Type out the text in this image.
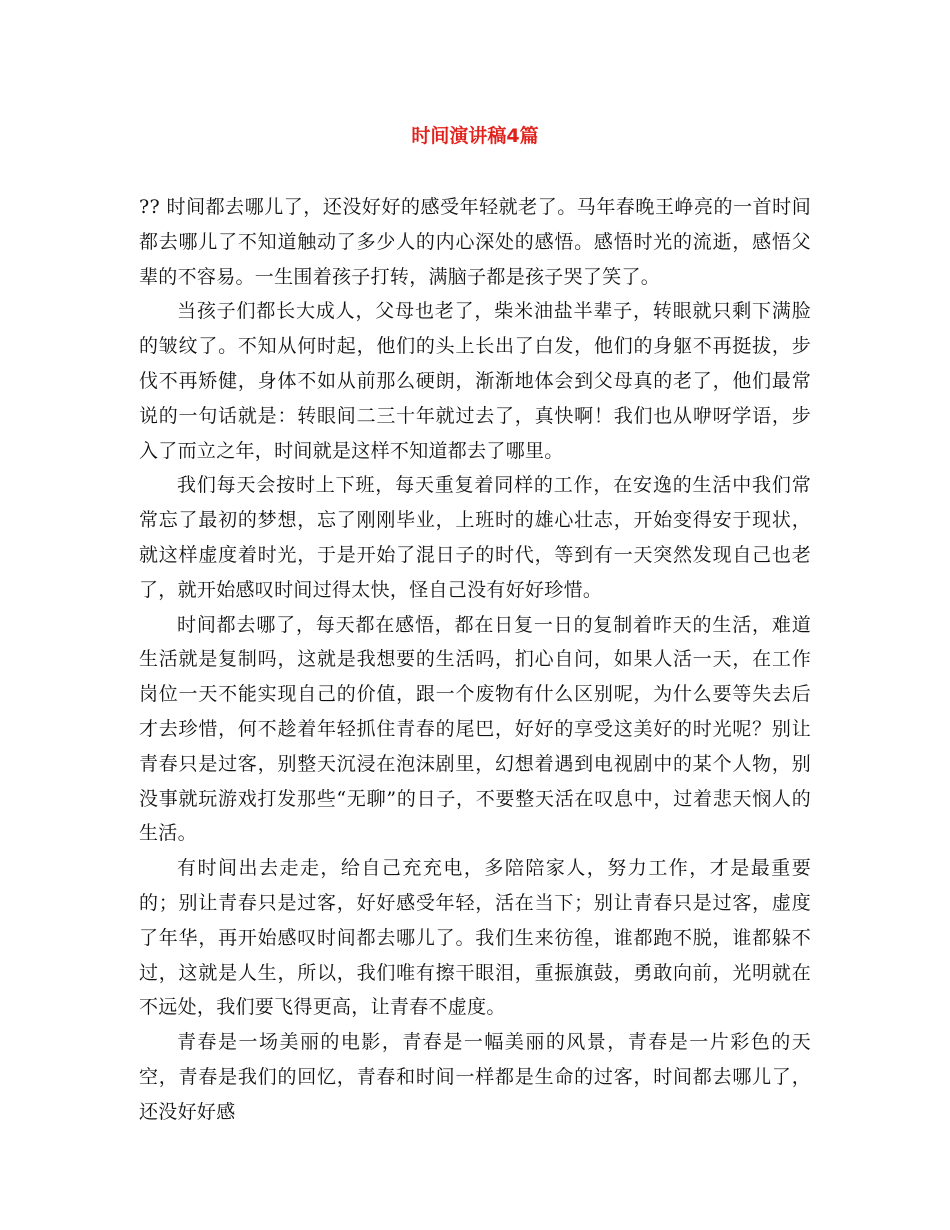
时间演讲稿4篇

?? 时间都去哪儿了，还没好好的感受年轻就老了。马年春晚王峥亮的一首时间都去哪儿了不知道触动了多少人的内心深处的感悟。感悟时光的流逝，感悟父辈的不容易。一生围着孩子打转，满脑子都是孩子哭了笑了。

当孩子们都长大成人，父母也老了，柴米油盐半辈子，转眼就只剩下满脸的皱纹了。不知从何时起，他们的头上长出了白发，他们的身躯不再挺拔，步伐不再矫健，身体不如从前那么硬朗，渐渐地体会到父母真的老了，他们最常说的一句话就是：转眼间二三十年就过去了，真快啊！我们也从咿呀学语，步入了而立之年，时间就是这样不知道都去了哪里。

我们每天会按时上下班，每天重复着同样的工作，在安逸的生活中我们常常忘了最初的梦想，忘了刚刚毕业，上班时的雄心壮志，开始变得安于现状，就这样虚度着时光，于是开始了混日子的时代，等到有一天突然发现自己也老了，就开始感叹时间过得太快，怪自己没有好好珍惜。

时间都去哪了，每天都在感悟，都在日复一日的复制着昨天的生活，难道生活就是复制吗，这就是我想要的生活吗，扪心自问，如果人活一天，在工作岗位一天不能实现自己的价值，跟一个废物有什么区别呢，为什么要等失去后才去珍惜，何不趁着年轻抓住青春的尾巴，好好的享受这美好的时光呢？别让青春只是过客，别整天沉浸在泡沫剧里，幻想着遇到电视剧中的某个人物，别没事就玩游戏打发那些“无聊”的日子，不要整天活在叹息中，过着悲天悯人的生活。

有时间出去走走，给自己充充电，多陪陪家人，努力工作，才是最重要的；别让青春只是过客，好好感受年轻，活在当下；别让青春只是过客，虚度了年华，再开始感叹时间都去哪儿了。我们生来彷徨，谁都跑不脱，谁都躲不过，这就是人生，所以，我们唯有擦干眼泪，重振旗鼓，勇敢向前，光明就在不远处，我们要飞得更高，让青春不虚度。

青春是一场美丽的电影，青春是一幅美丽的风景，青春是一片彩色的天空，青春是我们的回忆，青春和时间一样都是生命的过客，时间都去哪儿了，还没好好感
